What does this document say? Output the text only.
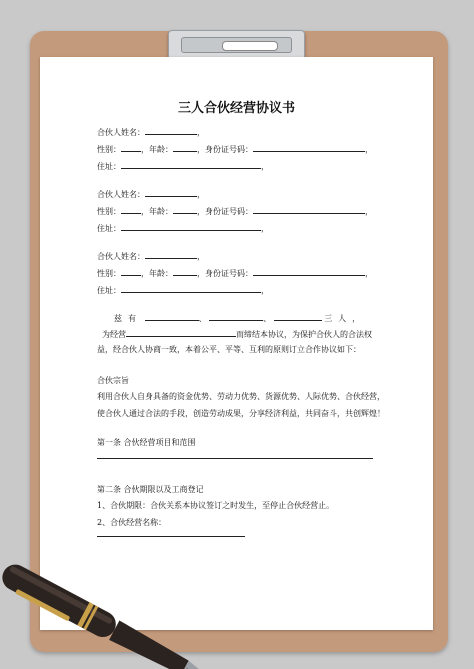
三人合伙经营协议书
合伙人姓名：	，
性别：	，年龄：	，身份证号码：	，
住址：	，
合伙人姓名：	，
性别：	，年龄：	，身份证号码：	，
住址：	，
合伙人姓名：	，
性别：	，年龄：	，身份证号码：	，
住址：	，
兹有	、	、	三人，
为经营	而缔结本协议，为保护合伙人的合法权
益，经合伙人协商一致，本着公平、平等、互利的原则订立合作协议如下：
合伙宗旨
利用合伙人自身具备的资金优势、劳动力优势、货源优势、人际优势、合伙经营，
使合伙人通过合法的手段，创造劳动成果，分享经济利益，共同奋斗，共创辉煌！
第一条 合伙经营项目和范围
第二条 合伙期限以及工商登记
1、合伙期限：合伙关系本协议签订之时发生，至停止合伙经营止。
2、合伙经营名称：
